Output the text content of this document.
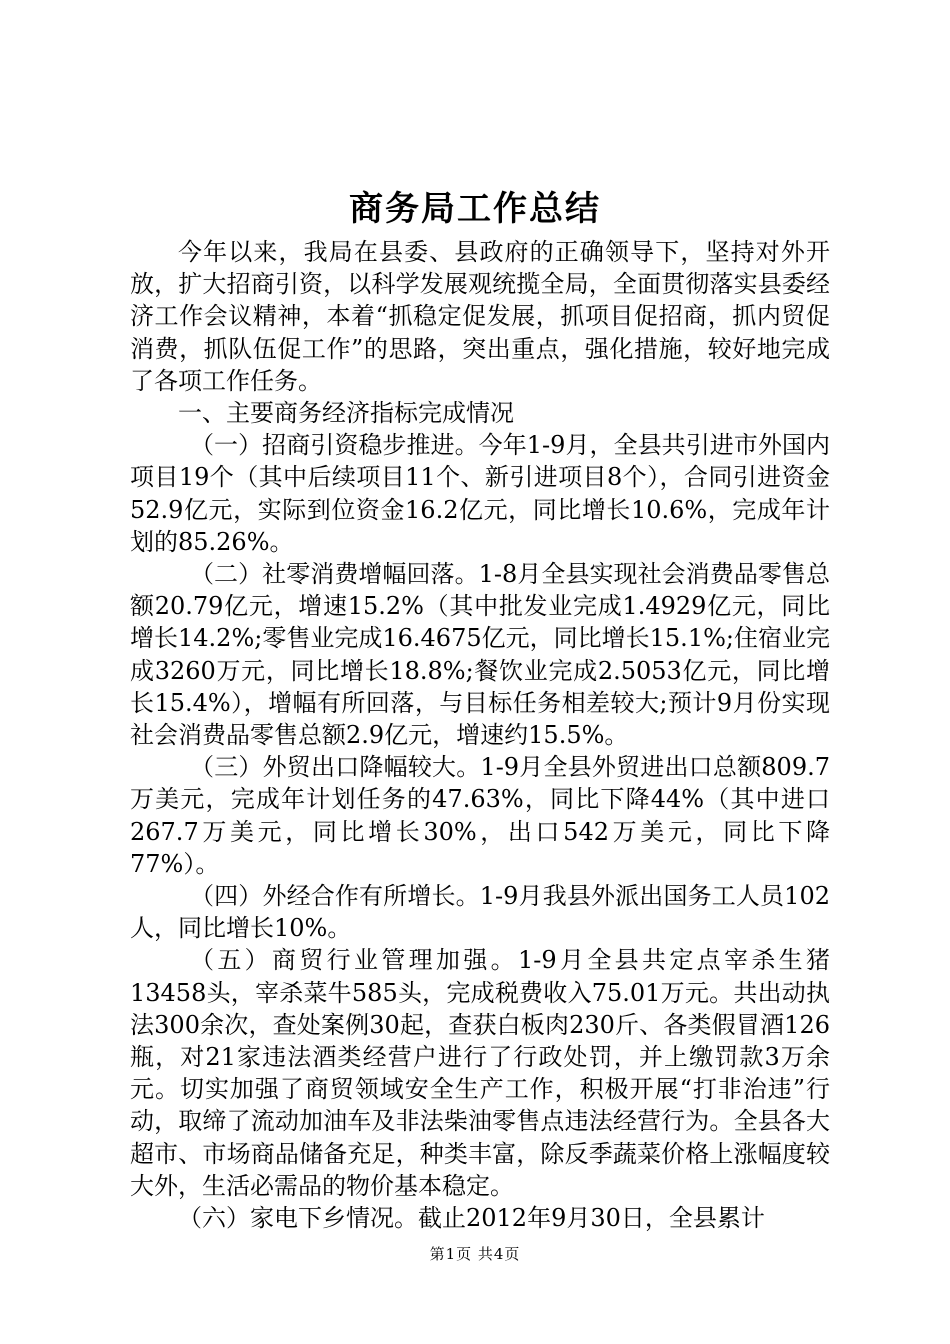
商务局工作总结

今年以来，我局在县委、县政府的正确领导下，坚持对外开放，扩大招商引资，以科学发展观统揽全局，全面贯彻落实县委经济工作会议精神，本着“抓稳定促发展，抓项目促招商，抓内贸促消费，抓队伍促工作”的思路，突出重点，强化措施，较好地完成了各项工作任务。

一、主要商务经济指标完成情况

（一）招商引资稳步推进。今年1-9月，全县共引进市外国内项目19个（其中后续项目11个、新引进项目8个），合同引进资金52.9亿元，实际到位资金16.2亿元，同比增长10.6%，完成年计划的85.26%。

（二）社零消费增幅回落。1-8月全县实现社会消费品零售总额20.79亿元，增速15.2%（其中批发业完成1.4929亿元，同比增长14.2%;零售业完成16.4675亿元，同比增长15.1%;住宿业完成3260万元，同比增长18.8%;餐饮业完成2.5053亿元，同比增长15.4%），增幅有所回落，与目标任务相差较大;预计9月份实现社会消费品零售总额2.9亿元，增速约15.5%。

（三）外贸出口降幅较大。1-9月全县外贸进出口总额809.7万美元，完成年计划任务的47.63%，同比下降44%（其中进口267.7万美元，同比增长30%，出口542万美元，同比下降77%）。

（四）外经合作有所增长。1-9月我县外派出国务工人员102人，同比增长10%。

（五）商贸行业管理加强。1-9月全县共定点宰杀生猪13458头，宰杀菜牛585头，完成税费收入75.01万元。共出动执法300余次，查处案例30起，查获白板肉230斤、各类假冒酒126瓶，对21家违法酒类经营户进行了行政处罚，并上缴罚款3万余元。切实加强了商贸领域安全生产工作，积极开展“打非治违”行动，取缔了流动加油车及非法柴油零售点违法经营行为。全县各大超市、市场商品储备充足，种类丰富，除反季蔬菜价格上涨幅度较大外，生活必需品的物价基本稳定。

（六）家电下乡情况。截止2012年9月30日，全县累计

第1页 共4页
